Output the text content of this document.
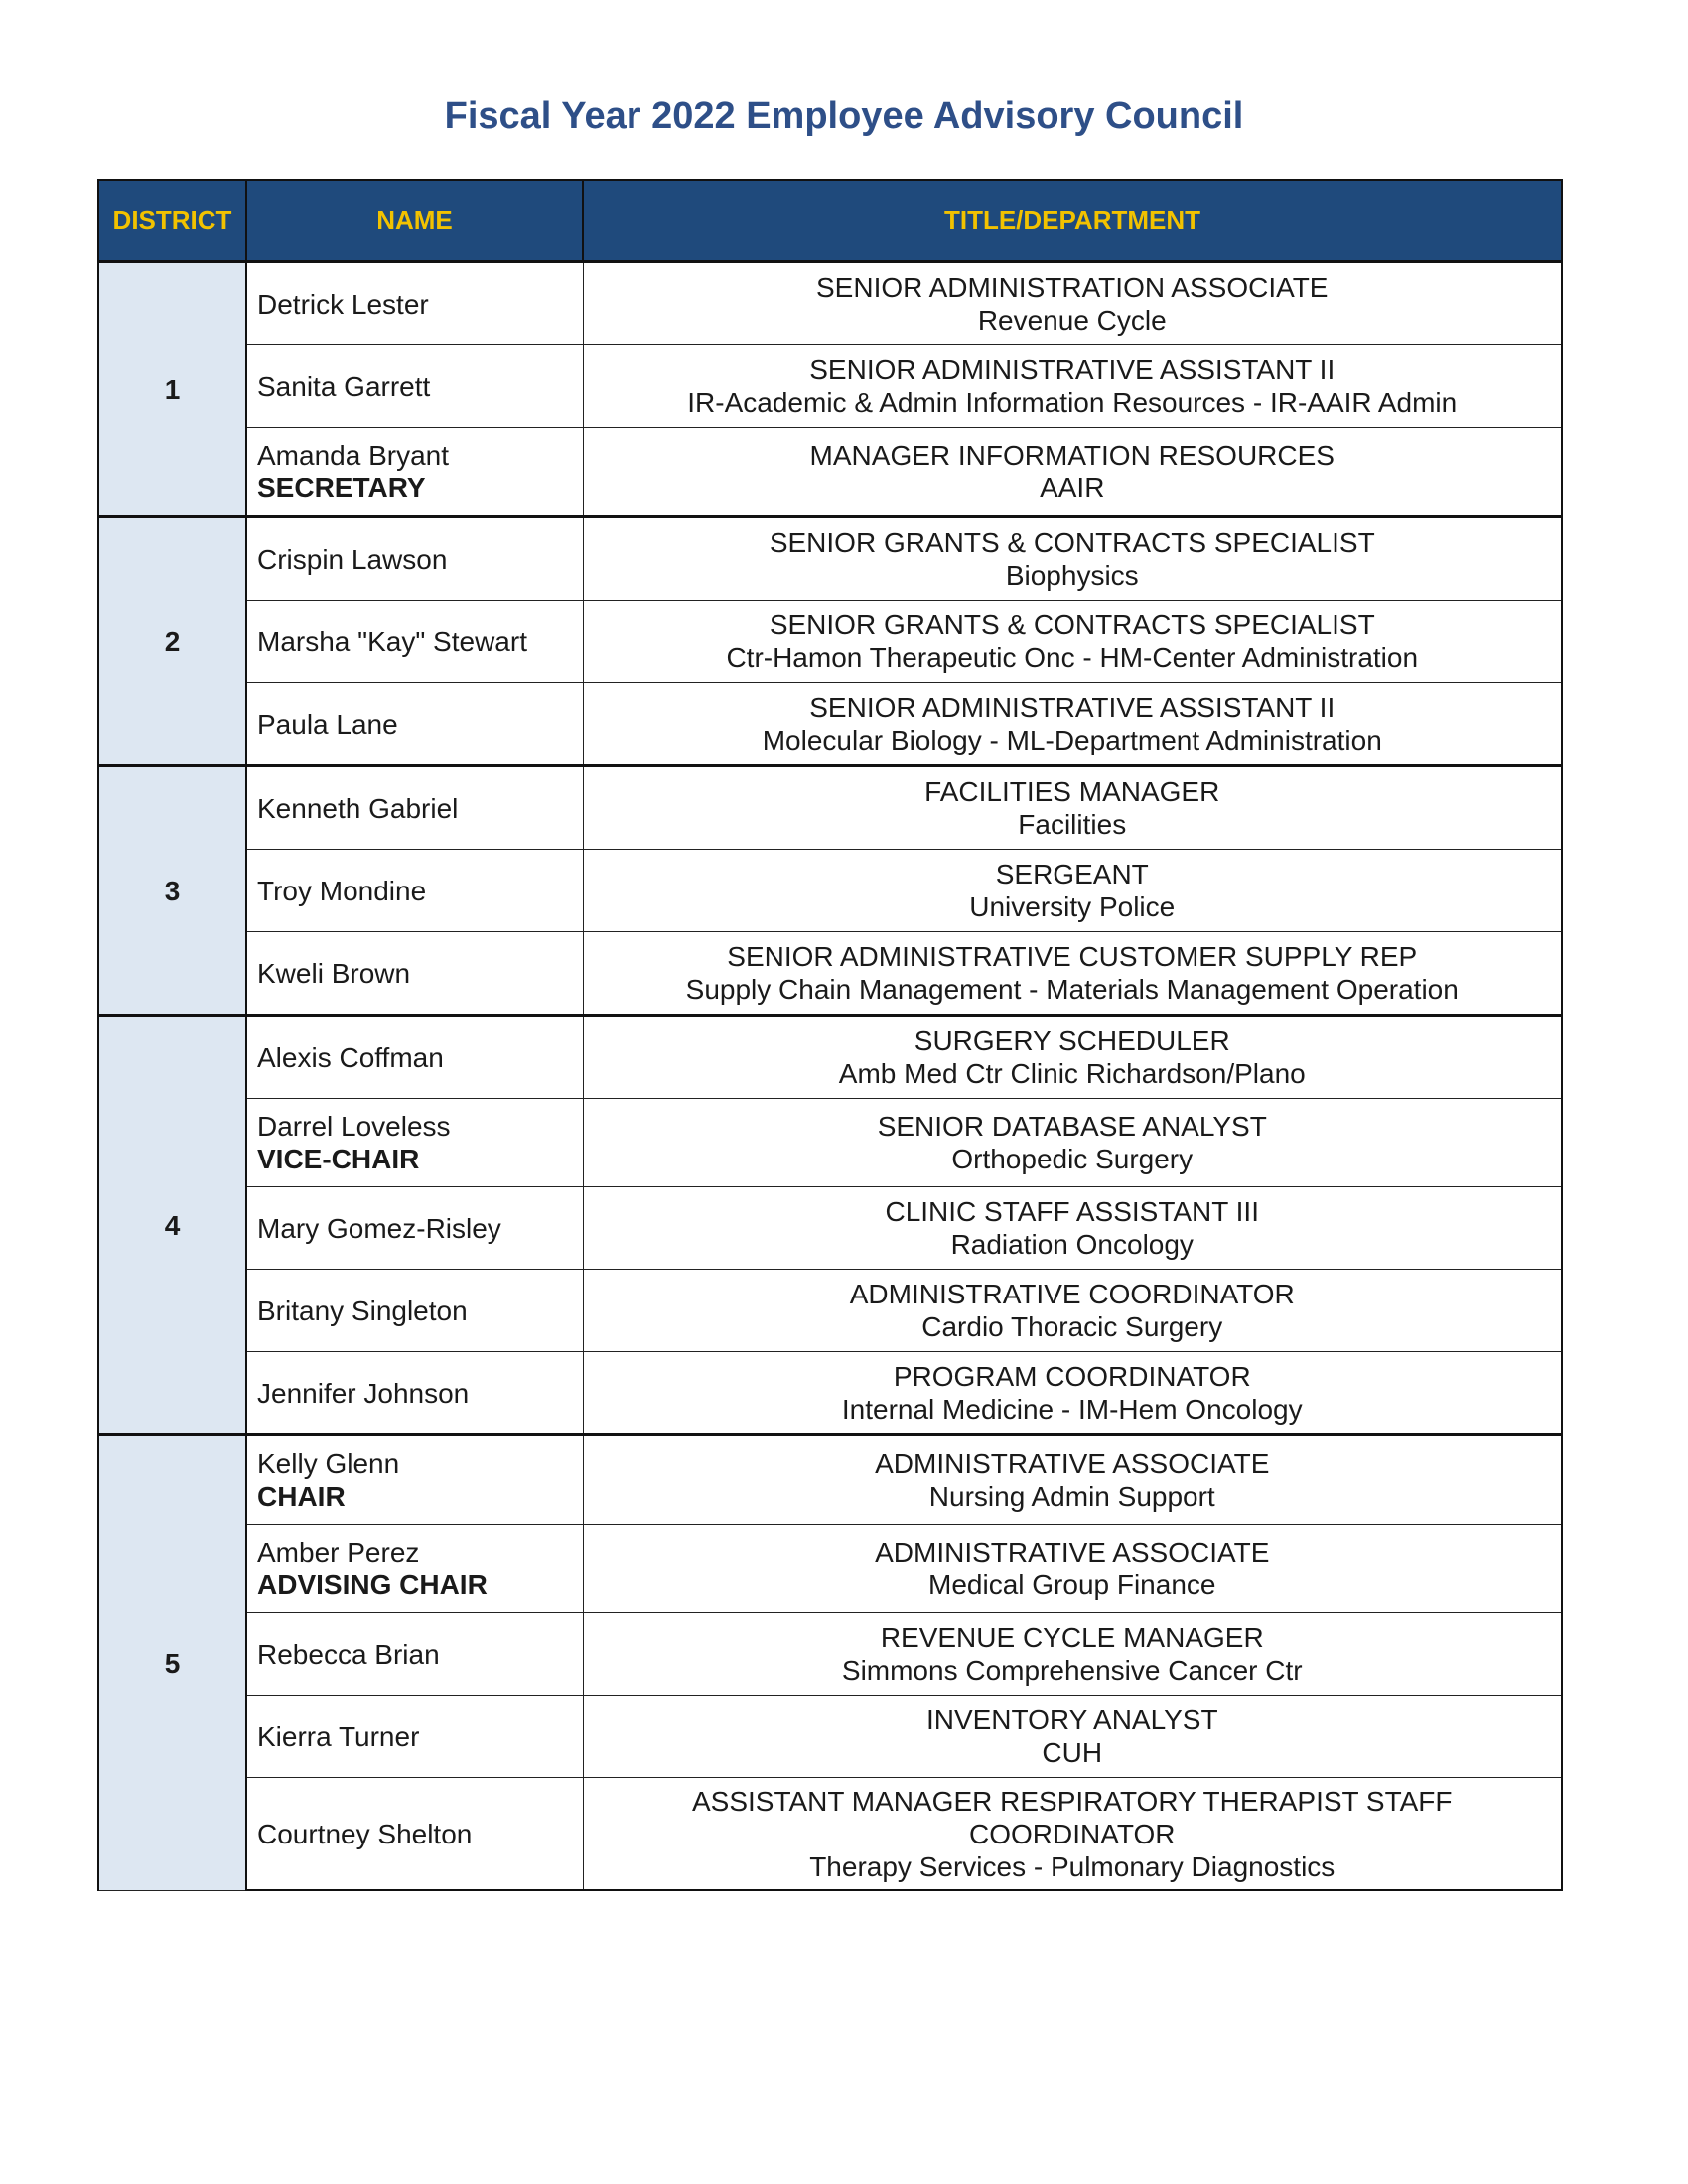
Fiscal Year 2022 Employee Advisory Council
DISTRICT	NAME	TITLE/DEPARTMENT
1	Detrick Lester	SENIOR ADMINISTRATION ASSOCIATE
Revenue Cycle

	Sanita Garrett	SENIOR ADMINISTRATIVE ASSISTANT II
IR-Academic & Admin Information Resources - IR-AAIR Admin

	Amanda Bryant
SECRETARY	MANAGER INFORMATION RESOURCES
AAIR

2	Crispin Lawson	SENIOR GRANTS & CONTRACTS SPECIALIST
Biophysics

	Marsha "Kay" Stewart	SENIOR GRANTS & CONTRACTS SPECIALIST
Ctr-Hamon Therapeutic Onc - HM-Center Administration

	Paula Lane	SENIOR ADMINISTRATIVE ASSISTANT II
Molecular Biology - ML-Department Administration

3	Kenneth Gabriel	FACILITIES MANAGER
Facilities

	Troy Mondine	SERGEANT
University Police

	Kweli Brown	SENIOR ADMINISTRATIVE CUSTOMER SUPPLY REP
Supply Chain Management - Materials Management Operation

4	Alexis Coffman	SURGERY SCHEDULER
Amb Med Ctr Clinic Richardson/Plano

	Darrel Loveless
VICE-CHAIR	SENIOR DATABASE ANALYST
Orthopedic Surgery

	Mary Gomez-Risley	CLINIC STAFF ASSISTANT III
Radiation Oncology

	Britany Singleton	ADMINISTRATIVE COORDINATOR
Cardio Thoracic Surgery

	Jennifer Johnson	PROGRAM COORDINATOR
Internal Medicine - IM-Hem Oncology

5	Kelly Glenn
CHAIR	ADMINISTRATIVE ASSOCIATE
Nursing Admin Support

	Amber Perez
ADVISING CHAIR	ADMINISTRATIVE ASSOCIATE
Medical Group Finance

	Rebecca Brian	REVENUE CYCLE MANAGER
Simmons Comprehensive Cancer Ctr

	Kierra Turner	INVENTORY ANALYST
CUH

	Courtney Shelton	ASSISTANT MANAGER RESPIRATORY THERAPIST STAFF
COORDINATOR
Therapy Services - Pulmonary Diagnostics
